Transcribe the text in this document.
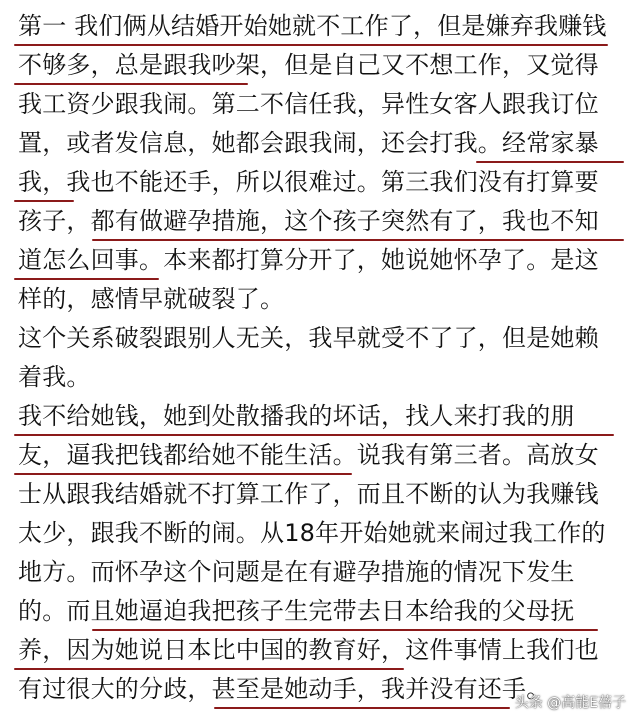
第一 我们俩从结婚开始她就不工作了，但是嫌弃我赚钱
不够多，总是跟我吵架，但是自己又不想工作，又觉得
我工资少跟我闹。第二不信任我，异性女客人跟我订位
置，或者发信息，她都会跟我闹，还会打我。经常家暴
我，我也不能还手，所以很难过。第三我们没有打算要
孩子，都有做避孕措施，这个孩子突然有了，我也不知
道怎么回事。本来都打算分开了，她说她怀孕了。是这
样的，感情早就破裂了。
这个关系破裂跟别人无关，我早就受不了了，但是她赖
着我。
我不给她钱，她到处散播我的坏话，找人来打我的朋
友，逼我把钱都给她不能生活。说我有第三者。高放女
士从跟我结婚就不打算工作了，而且不断的认为我赚钱
太少，跟我不断的闹。从18年开始她就来闹过我工作的
地方。而怀孕这个问题是在有避孕措施的情况下发生
的。而且她逼迫我把孩子生完带去日本给我的父母抚
养，因为她说日本比中国的教育好，这件事情上我们也
有过很大的分歧，甚至是她动手，我并没有还手。
头条 @高能E蓓子
